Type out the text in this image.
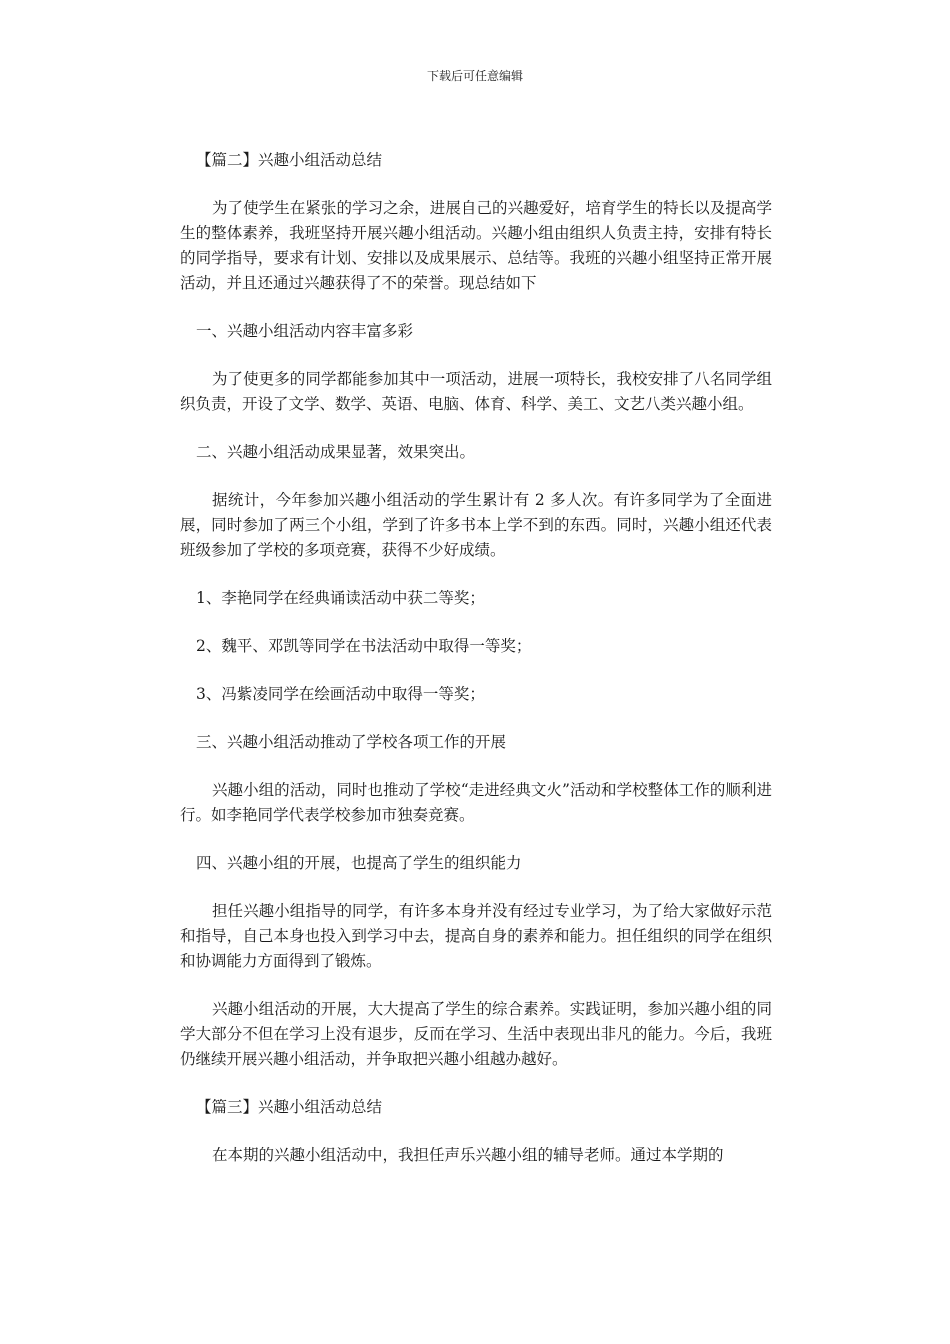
下载后可任意编辑

【篇二】兴趣小组活动总结

为了使学生在紧张的学习之余，进展自己的兴趣爱好，培育学生的特长以及提高学生的整体素养，我班坚持开展兴趣小组活动。兴趣小组由组织人负责主持，安排有特长的同学指导，要求有计划、安排以及成果展示、总结等。我班的兴趣小组坚持正常开展活动，并且还通过兴趣获得了不的荣誉。现总结如下

一、兴趣小组活动内容丰富多彩

为了使更多的同学都能参加其中一项活动，进展一项特长，我校安排了八名同学组织负责，开设了文学、数学、英语、电脑、体育、科学、美工、文艺八类兴趣小组。

二、兴趣小组活动成果显著，效果突出。

据统计，今年参加兴趣小组活动的学生累计有 2 多人次。有许多同学为了全面进展，同时参加了两三个小组，学到了许多书本上学不到的东西。同时，兴趣小组还代表班级参加了学校的多项竞赛，获得不少好成绩。

1、李艳同学在经典诵读活动中获二等奖；

2、魏平、邓凯等同学在书法活动中取得一等奖；

3、冯紫凌同学在绘画活动中取得一等奖；

三、兴趣小组活动推动了学校各项工作的开展

兴趣小组的活动，同时也推动了学校“走进经典文火”活动和学校整体工作的顺利进行。如李艳同学代表学校参加市独奏竞赛。

四、兴趣小组的开展，也提高了学生的组织能力

担任兴趣小组指导的同学，有许多本身并没有经过专业学习，为了给大家做好示范和指导，自己本身也投入到学习中去，提高自身的素养和能力。担任组织的同学在组织和协调能力方面得到了锻炼。

兴趣小组活动的开展，大大提高了学生的综合素养。实践证明，参加兴趣小组的同学大部分不但在学习上没有退步，反而在学习、生活中表现出非凡的能力。今后，我班仍继续开展兴趣小组活动，并争取把兴趣小组越办越好。

【篇三】兴趣小组活动总结

在本期的兴趣小组活动中，我担任声乐兴趣小组的辅导老师。通过本学期的
